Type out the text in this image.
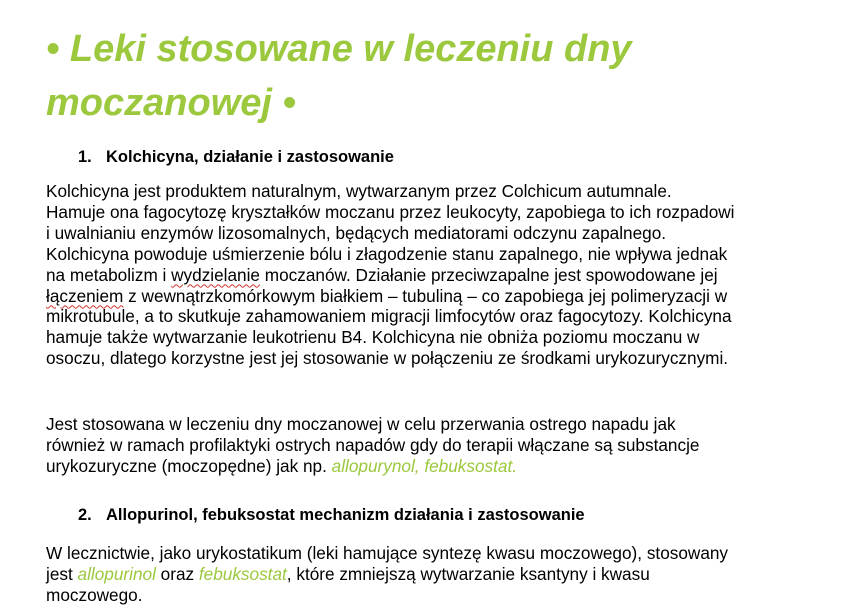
• Leki stosowane w leczeniu dny moczanowej •
1. Kolchicyna, działanie i zastosowanie

Kolchicyna jest produktem naturalnym, wytwarzanym przez Colchicum autumnale.
Hamuje ona fagocytozę kryształków moczanu przez leukocyty, zapobiega to ich rozpadowi
i uwalnianiu enzymów lizosomalnych, będących mediatorami odczynu zapalnego.
Kolchicyna powoduje uśmierzenie bólu i złagodzenie stanu zapalnego, nie wpływa jednak
na metabolizm i wydzielanie moczanów. Działanie przeciwzapalne jest spowodowane jej
łączeniem z wewnątrzkomórkowym białkiem – tubuliną – co zapobiega jej polimeryzacji w
mikrotubule, a to skutkuje zahamowaniem migracji limfocytów oraz fagocytozy. Kolchicyna
hamuje także wytwarzanie leukotrienu B4. Kolchicyna nie obniża poziomu moczanu w
osoczu, dlatego korzystne jest jej stosowanie w połączeniu ze środkami urykozurycznymi.

Jest stosowana w leczeniu dny moczanowej w celu przerwania ostrego napadu jak
również w ramach profilaktyki ostrych napadów gdy do terapii włączane są substancje
urykozuryczne (moczopędne) jak np. allopurynol, febuksostat.

2. Allopurinol, febuksostat mechanizm działania i zastosowanie

W lecznictwie, jako urykostatikum (leki hamujące syntezę kwasu moczowego), stosowany
jest allopurinol oraz febuksostat, które zmniejszą wytwarzanie ksantyny i kwasu
moczowego.
